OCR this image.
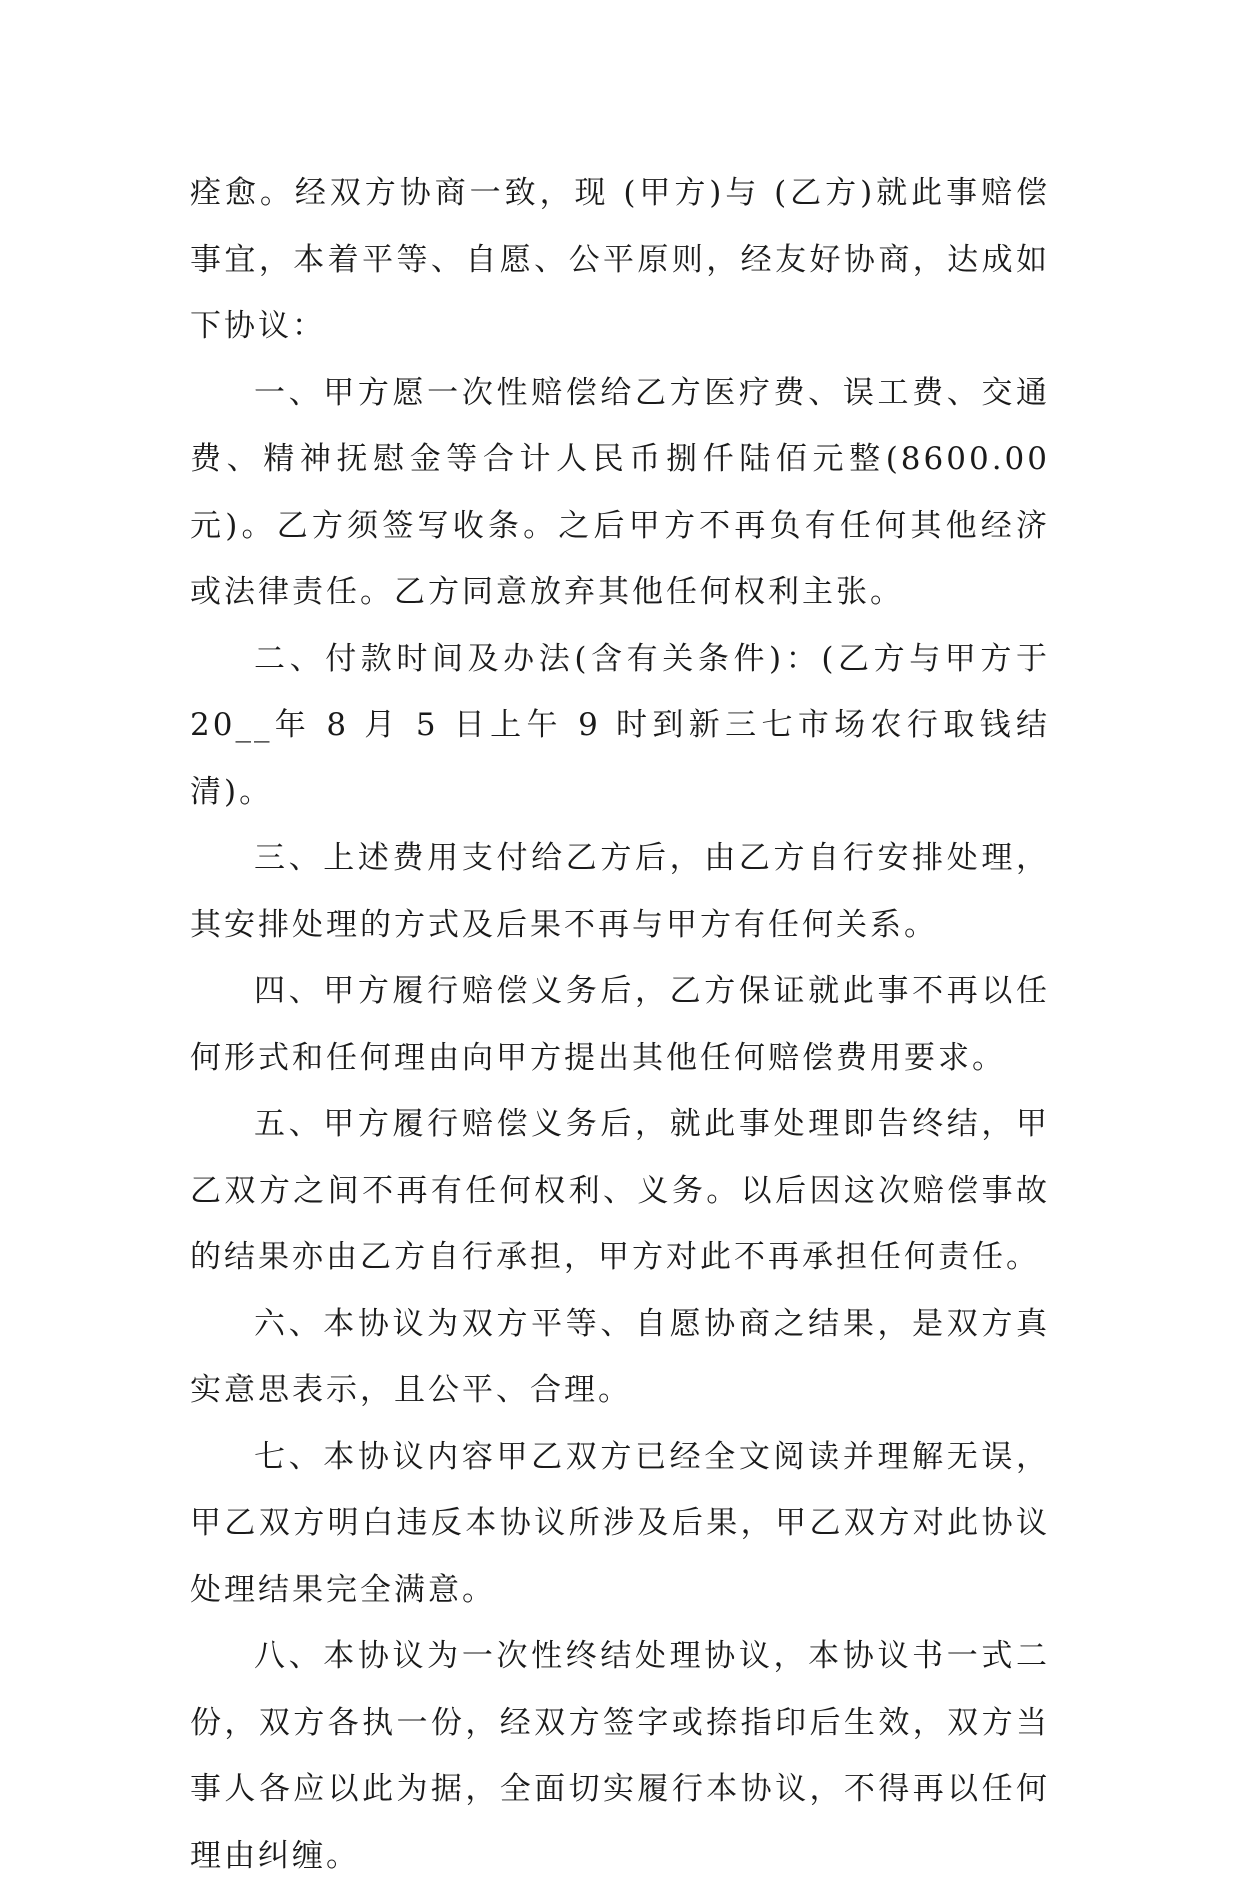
痊愈。经双方协商一致，现 (甲方)与 (乙方)就此事赔偿事宜，本着平等、自愿、公平原则，经友好协商，达成如下协议：

一、甲方愿一次性赔偿给乙方医疗费、误工费、交通费、精神抚慰金等合计人民币捌仟陆佰元整(8600.00 元)。乙方须签写收条。之后甲方不再负有任何其他经济或法律责任。乙方同意放弃其他任何权利主张。

二、付款时间及办法(含有关条件)：(乙方与甲方于 20__年 8 月 5 日上午 9 时到新三七市场农行取钱结清)。

三、上述费用支付给乙方后，由乙方自行安排处理，其安排处理的方式及后果不再与甲方有任何关系。

四、甲方履行赔偿义务后，乙方保证就此事不再以任何形式和任何理由向甲方提出其他任何赔偿费用要求。

五、甲方履行赔偿义务后，就此事处理即告终结，甲乙双方之间不再有任何权利、义务。以后因这次赔偿事故的结果亦由乙方自行承担，甲方对此不再承担任何责任。

六、本协议为双方平等、自愿协商之结果，是双方真实意思表示，且公平、合理。

七、本协议内容甲乙双方已经全文阅读并理解无误，甲乙双方明白违反本协议所涉及后果，甲乙双方对此协议处理结果完全满意。

八、本协议为一次性终结处理协议，本协议书一式二份，双方各执一份，经双方签字或捺指印后生效，双方当事人各应以此为据，全面切实履行本协议，不得再以任何理由纠缠。
